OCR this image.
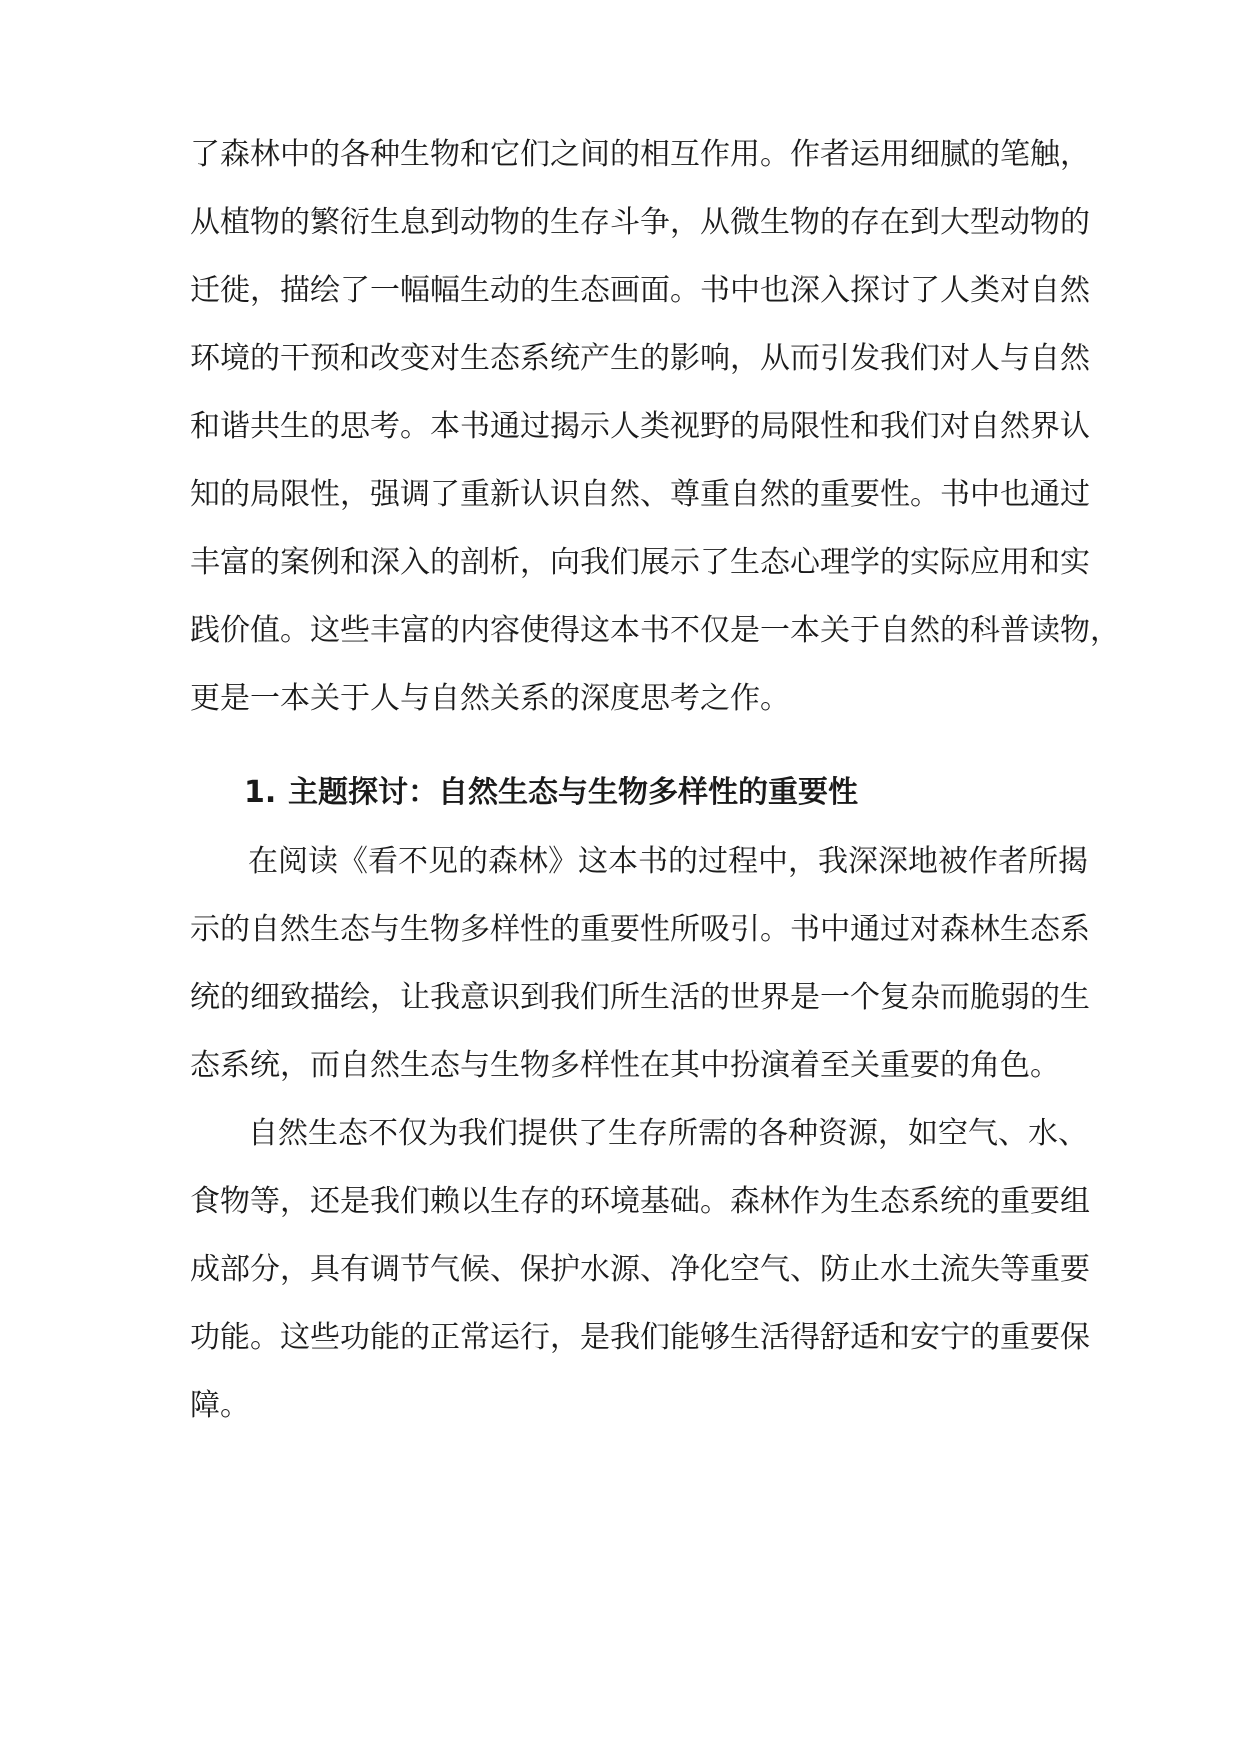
了森林中的各种生物和它们之间的相互作用。作者运用细腻的笔触，
从植物的繁衍生息到动物的生存斗争，从微生物的存在到大型动物的
迁徙，描绘了一幅幅生动的生态画面。书中也深入探讨了人类对自然
环境的干预和改变对生态系统产生的影响，从而引发我们对人与自然
和谐共生的思考。本书通过揭示人类视野的局限性和我们对自然界认
知的局限性，强调了重新认识自然、尊重自然的重要性。书中也通过
丰富的案例和深入的剖析，向我们展示了生态心理学的实际应用和实
践价值。这些丰富的内容使得这本书不仅是一本关于自然的科普读物，
更是一本关于人与自然关系的深度思考之作。
1. 主题探讨：自然生态与生物多样性的重要性
在阅读《看不见的森林》这本书的过程中，我深深地被作者所揭
示的自然生态与生物多样性的重要性所吸引。书中通过对森林生态系
统的细致描绘，让我意识到我们所生活的世界是一个复杂而脆弱的生
态系统，而自然生态与生物多样性在其中扮演着至关重要的角色。
自然生态不仅为我们提供了生存所需的各种资源，如空气、水、
食物等，还是我们赖以生存的环境基础。森林作为生态系统的重要组
成部分，具有调节气候、保护水源、净化空气、防止水土流失等重要
功能。这些功能的正常运行，是我们能够生活得舒适和安宁的重要保
障。
